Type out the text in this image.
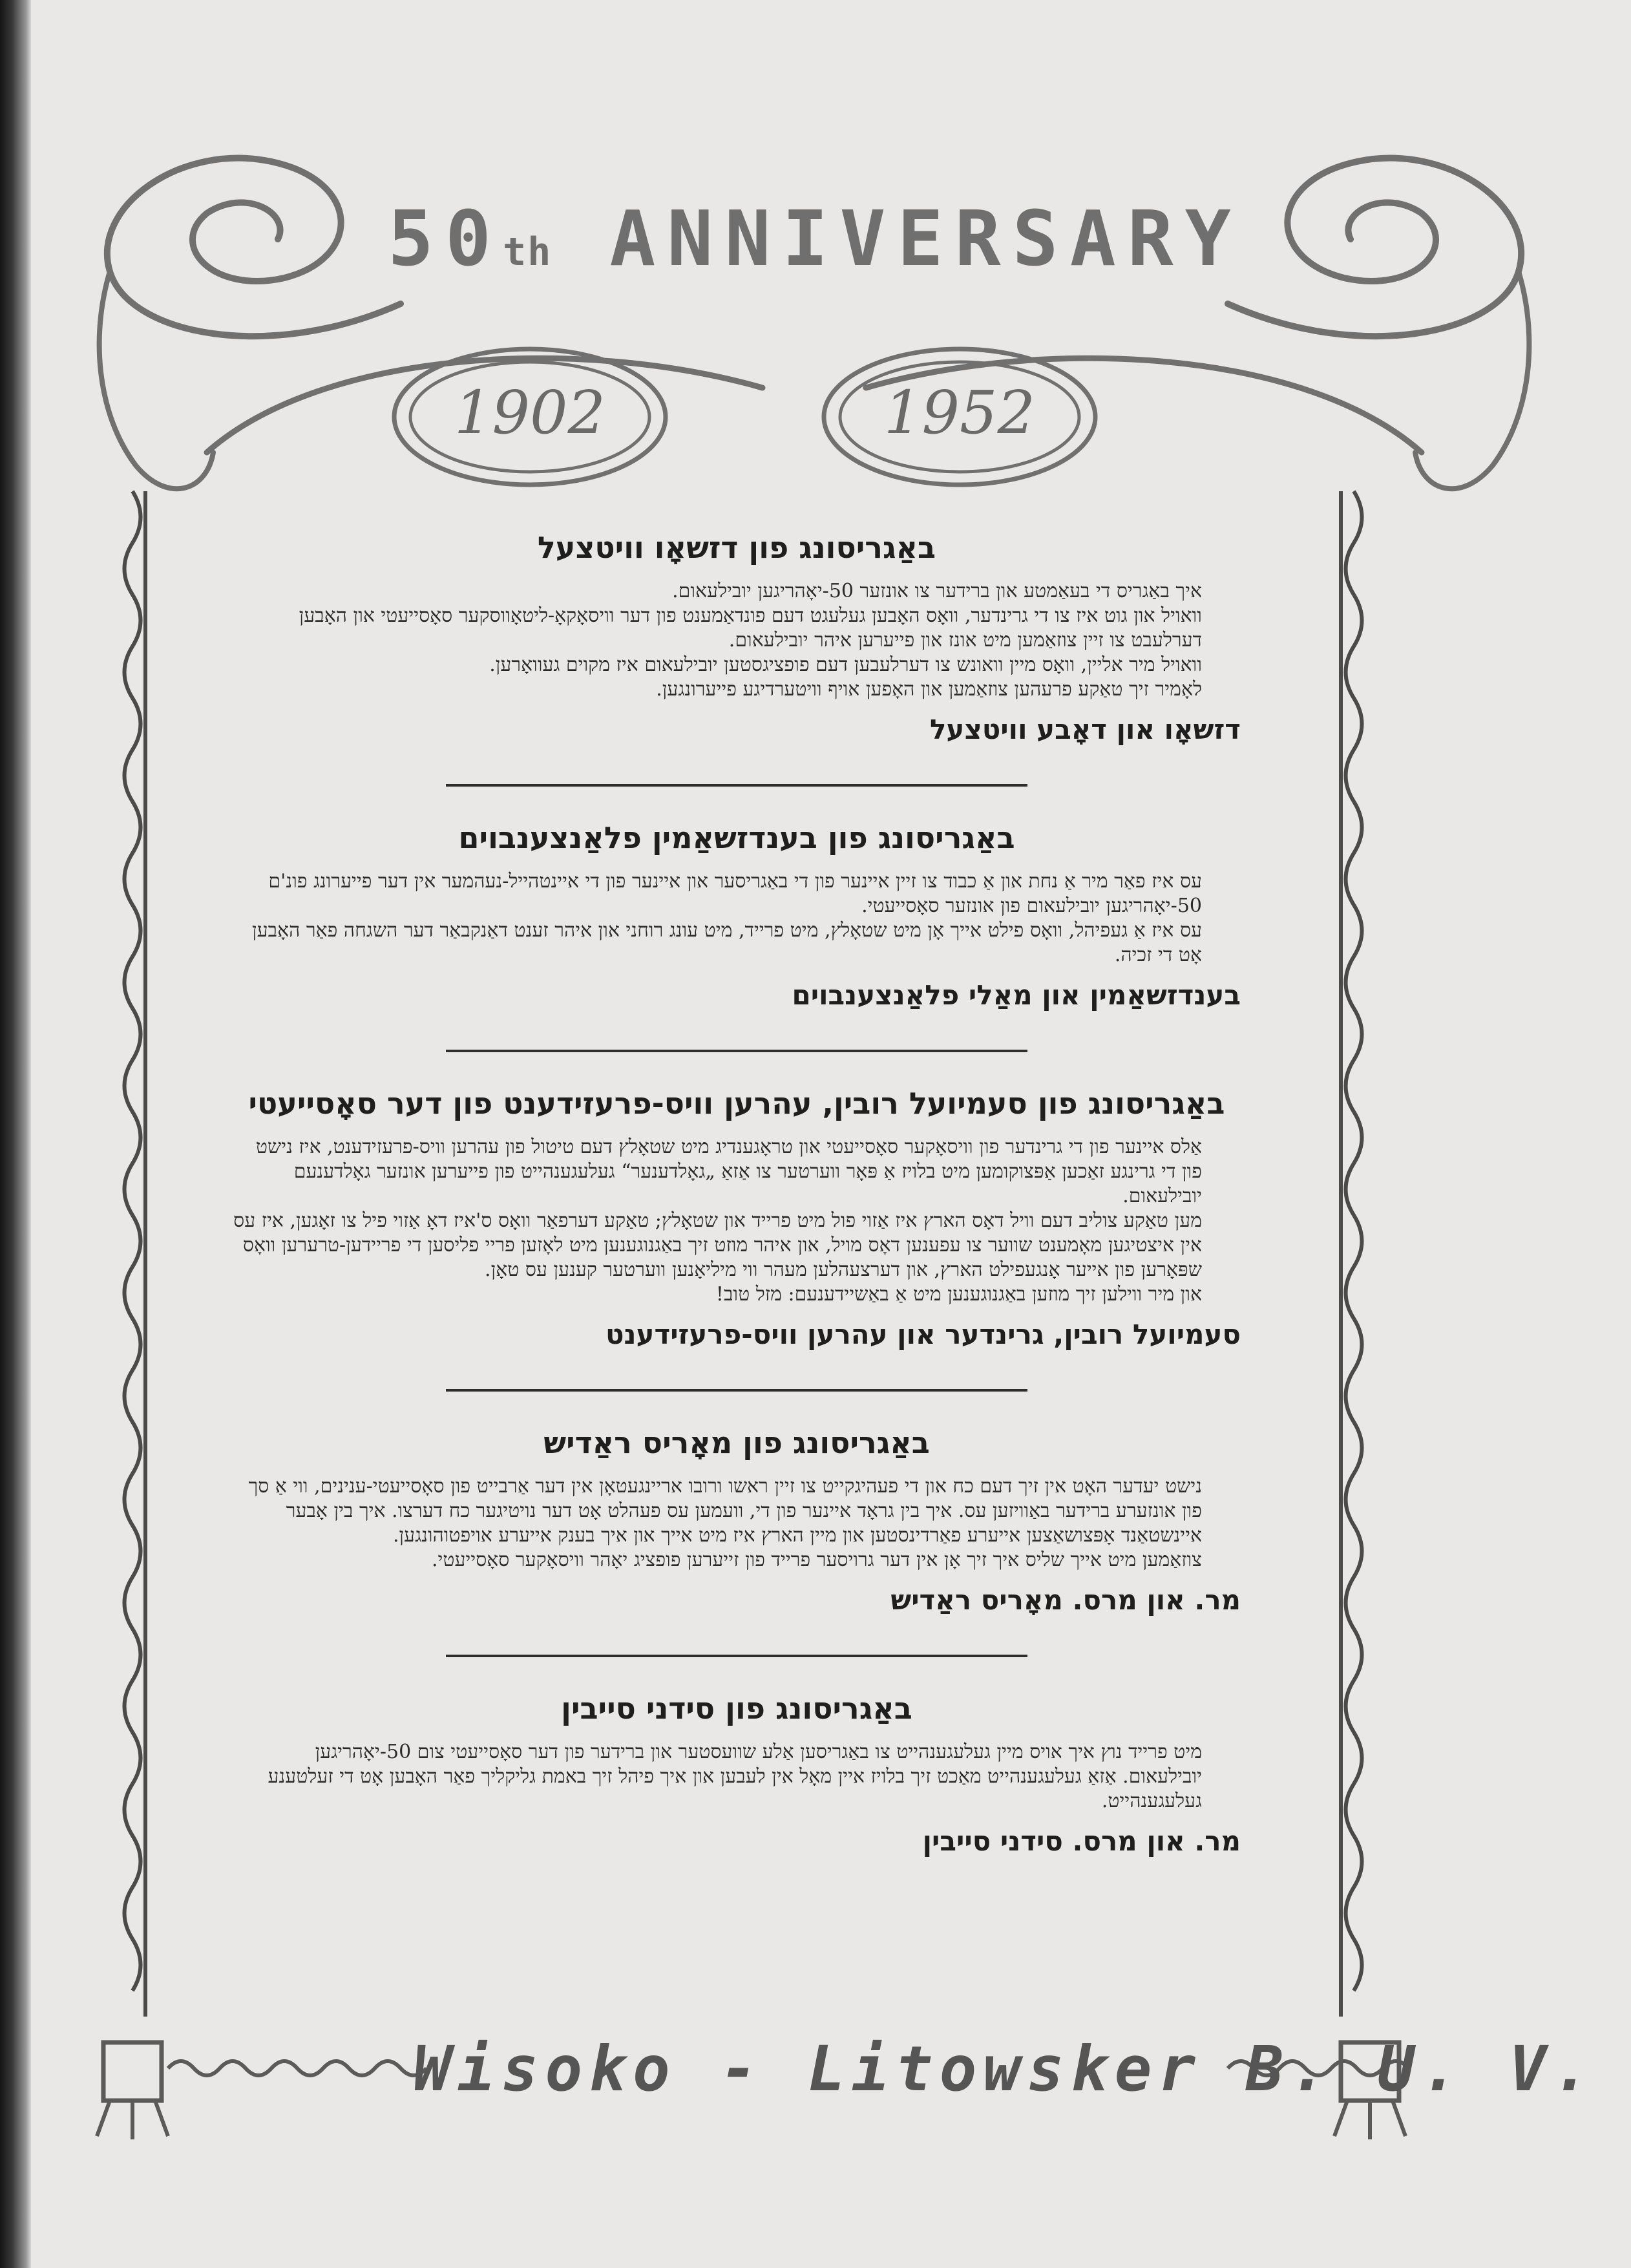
50th ANNIVERSARY
1902	1952
באַגריסונג פון דזשאָו וויטצעל

איך באַגריס די בעאַמטע און ברידער צו אונזער 50-יאָהריגען יובילעאום.

וואויל און גוט איז צו די גרינדער, וואָס האָבען געלעגט דעם פונדאַמענט פון דער וויסאָקאָ-ליטאָווסקער סאָסייעטי און האָבען דערלעבט צו זיין צוזאַמען מיט אונז און פייערען איהר יובילעאום.

וואויל מיר אליין, וואָס מיין וואונש צו דערלעבען דעם פופציגסטען יובילעאום איז מקוים געוואָרען.

לאָמיר זיך טאַקע פרעהען צוזאַמען און האָפען אויף וויטערדיגע פייערונגען.

דזשאָו און דאָבע וויטצעל
באַגריסונג פון בענדזשאַמין פלאַנצענבוים

עס איז פאַר מיר אַ נחת און אַ כבוד צו זיין איינער פון די באַגריסער און איינער פון די איינטהייל-נעהמער אין דער פייערונג פונ'ם 50-יאָהריגען יובילעאום פון אונזער סאָסייעטי.

עס איז אַ געפיהל, וואָס פילט אייך אָן מיט שטאָלץ, מיט פרייד, מיט עונג רוחני און איהר זענט דאַנקבאַר דער השגחה פאַר האָבען אָט די זכיה.

בענדזשאַמין און מאַלי פלאַנצענבוים
באַגריסונג פון סעמיועל רובין, עהרען וויס-פרעזידענט פון דער סאָסייעטי

אַלס איינער פון די גרינדער פון וויסאָקער סאָסייעטי און טראָגענדיג מיט שטאָלץ דעם טיטול פון עהרען וויס-פרעזידענט, איז נישט פון די גרינגע זאַכען אַפּצוקומען מיט בלויז אַ פּאָר ווערטער צו אַזאַ „גאָלדענער“ געלעגענהייט פון פייערען אונזער גאָלדענעם יובילעאום.

מען טאַקע צוליב דעם וויל דאָס הארץ איז אַזוי פול מיט פרייד און שטאָלץ; טאַקע דערפאַר וואָס ס'איז דאָ אַזוי פיל צו זאָגען, איז עס אין איצטיגען מאָמענט שווער צו עפענען דאָס מויל, און איהר מוזט זיך באַגנוגענען מיט לאָזען פריי פליסען די פריידען-טרערען וואָס שפּאָרען פון אייער אָנגעפילט הארץ, און דערצעהלען מעהר ווי מיליאָנען ווערטער קענען עס טאָן.

און מיר ווילען זיך מוזען באַגנוגענען מיט אַ באַשיידענעם: מזל טוב!

סעמיועל רובין, גרינדער און עהרען וויס-פרעזידענט
באַגריסונג פון מאָריס ראַדיש

נישט יעדער האָט אין זיך דעם כח און די פעהיגקייט צו זיין ראשו ורובו אריינגעטאָן אין דער אַרבייט פון סאָסייעטי-ענינים, ווי אַ סך פון אונזערע ברידער באַוויזען עס. איך בין גראָד איינער פון די, וועמען עס פעהלט אָט דער נויטיגער כח דערצו. איך בין אָבער איינשטאַנד אָפּצושאַצען אייערע פאַרדינסטען און מיין הארץ איז מיט אייך און איך בענק אייערע אויפטוהונגען.

צוזאַמען מיט אייך שליס איך זיך אָן אין דער גרויסער פרייד פון זייערען פופציג יאָהר וויסאָקער סאָסייעטי.

מר. און מרס. מאָריס ראַדיש
באַגריסונג פון סידני סייבין

מיט פרייד נוץ איך אויס מיין געלעגענהייט צו באַגריסען אַלע שוועסטער און ברידער פון דער סאָסייעטי צום 50-יאָהריגען יובילעאום. אַזאַ געלעגענהייט מאַכט זיך בלויז איין מאָל אין לעבען און איך פיהל זיך באמת גליקליך פאַר האָבען אָט די זעלטענע געלעגענהייט.

מר. און מרס. סידני סייבין
Wisoko - Litowsker B. U. V.
